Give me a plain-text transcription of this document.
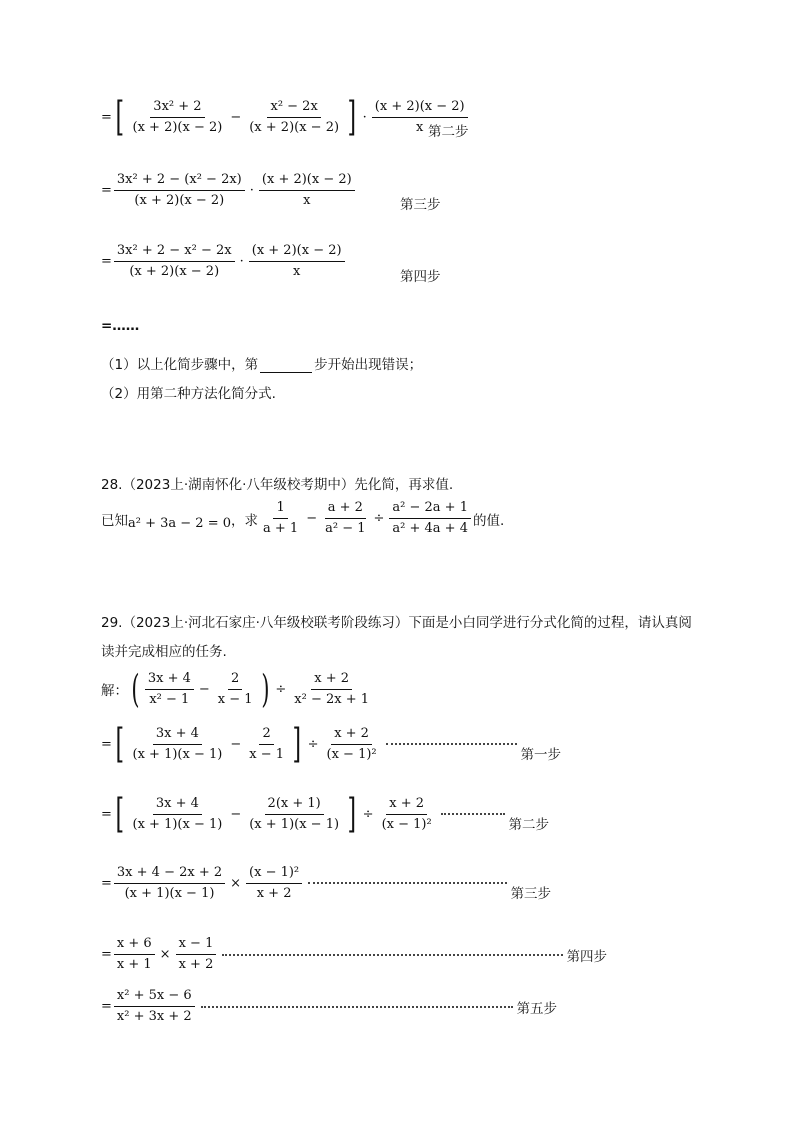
= [ $\frac{\text{3x² + 2}}{(x + 2)(x - 2)} - \frac{\text{x² − 2x}}{(x + 2)(x - 2)}$ ] · $\frac{(x + 2)(x - 2)}{x}$
第二步
= $\frac{\text{3x² + 2 − (x² − 2x)}}{(x + 2)(x - 2)} \cdot \frac{(x + 2)(x - 2)}{x}$	第三步
= $\frac{\text{3x² + 2 − x² − 2x}}{(x + 2)(x - 2)} \cdot \frac{(x + 2)(x - 2)}{x}$	第四步
=……
（1）以上化简步骤中，第	步开始出现错误；
（2）用第二种方法化简分式.
28.（2023上·湖南怀化·八年级校考期中）先化简，再求值.
已知 a² + 3a − 2 = 0 ，求 $\frac{1}{a + 1} - \frac{a + 2}{\text{a² − 1}} \div \frac{\text{a² − 2a + 1}}{\text{a² + 4a + 4}}$ 的值.
29.（2023上·河北石家庄·八年级校联考阶段练习）下面是小白同学进行分式化简的过程，请认真阅
读并完成相应的任务.
解： ( $\frac{3x + 4}{\text{x² − 1}} - \frac{2}{x - 1}$ ) ÷ $\frac{x + 2}{\text{x² − 2x + 1}}$
= [ $\frac{3x + 4}{(x + 1)(x - 1)} - \frac{2}{x - 1}$ ] ÷ $\frac{x + 2}{\text{(x − 1)²}}$	第一步
= [ $\frac{3x + 4}{(x + 1)(x - 1)} - \frac{2(x + 1)}{(x + 1)(x - 1)}$ ] ÷ $\frac{x + 2}{\text{(x − 1)²}}$	第二步
= $\frac{3x + 4 - 2x + 2}{(x + 1)(x - 1)} \times \frac{\text{(x − 1)²}}{x + 2}$	第三步
= $\frac{x + 6}{x + 1} \times \frac{x - 1}{x + 2}$	第四步
= $\frac{\text{x² + 5x − 6}}{\text{x² + 3x + 2}}$	第五步
